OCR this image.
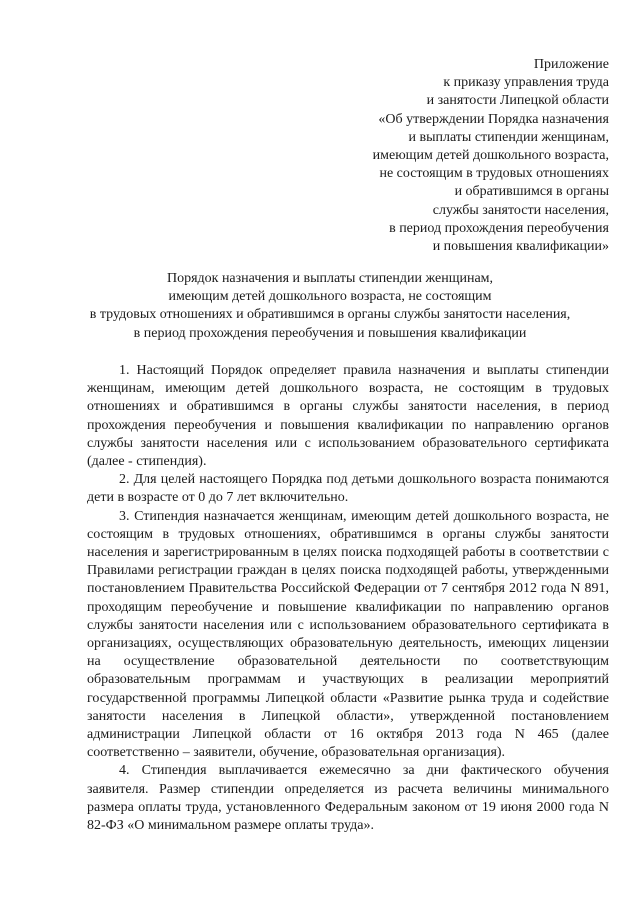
Приложение
к приказу управления труда
и занятости Липецкой области
«Об утверждении Порядка назначения
и выплаты стипендии женщинам,
имеющим детей дошкольного возраста,
не состоящим в трудовых отношениях
и обратившимся в органы
службы занятости населения,
в период прохождения переобучения
и повышения квалификации»
Порядок назначения и выплаты стипендии женщинам,
имеющим детей дошкольного возраста, не состоящим
в трудовых отношениях и обратившимся в органы службы занятости населения,
в период прохождения переобучения и повышения квалификации

1. Настоящий Порядок определяет правила назначения и выплаты стипендии женщинам, имеющим детей дошкольного возраста, не состоящим в трудовых отношениях и обратившимся в органы службы занятости населения, в период прохождения переобучения и повышения квалификации по направлению органов службы занятости населения или с использованием образовательного сертификата (далее - стипендия).

2. Для целей настоящего Порядка под детьми дошкольного возраста понимаются дети в возрасте от 0 до 7 лет включительно.

3. Стипендия назначается женщинам, имеющим детей дошкольного возраста, не состоящим в трудовых отношениях, обратившимся в органы службы занятости населения и зарегистрированным в целях поиска подходящей работы в соответствии с Правилами регистрации граждан в целях поиска подходящей работы, утвержденными постановлением Правительства Российской Федерации от 7 сентября 2012 года N 891, проходящим переобучение и повышение квалификации по направлению органов службы занятости населения или с использованием образовательного сертификата в организациях, осуществляющих образовательную деятельность, имеющих лицензии на осуществление образовательной деятельности по соответствующим образовательным программам и участвующих в реализации мероприятий государственной программы Липецкой области «Развитие рынка труда и содействие занятости населения в Липецкой области», утвержденной постановлением администрации Липецкой области от 16 октября 2013 года N 465 (далее соответственно – заявители, обучение, образовательная организация).

4. Стипендия выплачивается ежемесячно за дни фактического обучения заявителя. Размер стипендии определяется из расчета величины минимального размера оплаты труда, установленного Федеральным законом от 19 июня 2000 года N 82-ФЗ «О минимальном размере оплаты труда».
